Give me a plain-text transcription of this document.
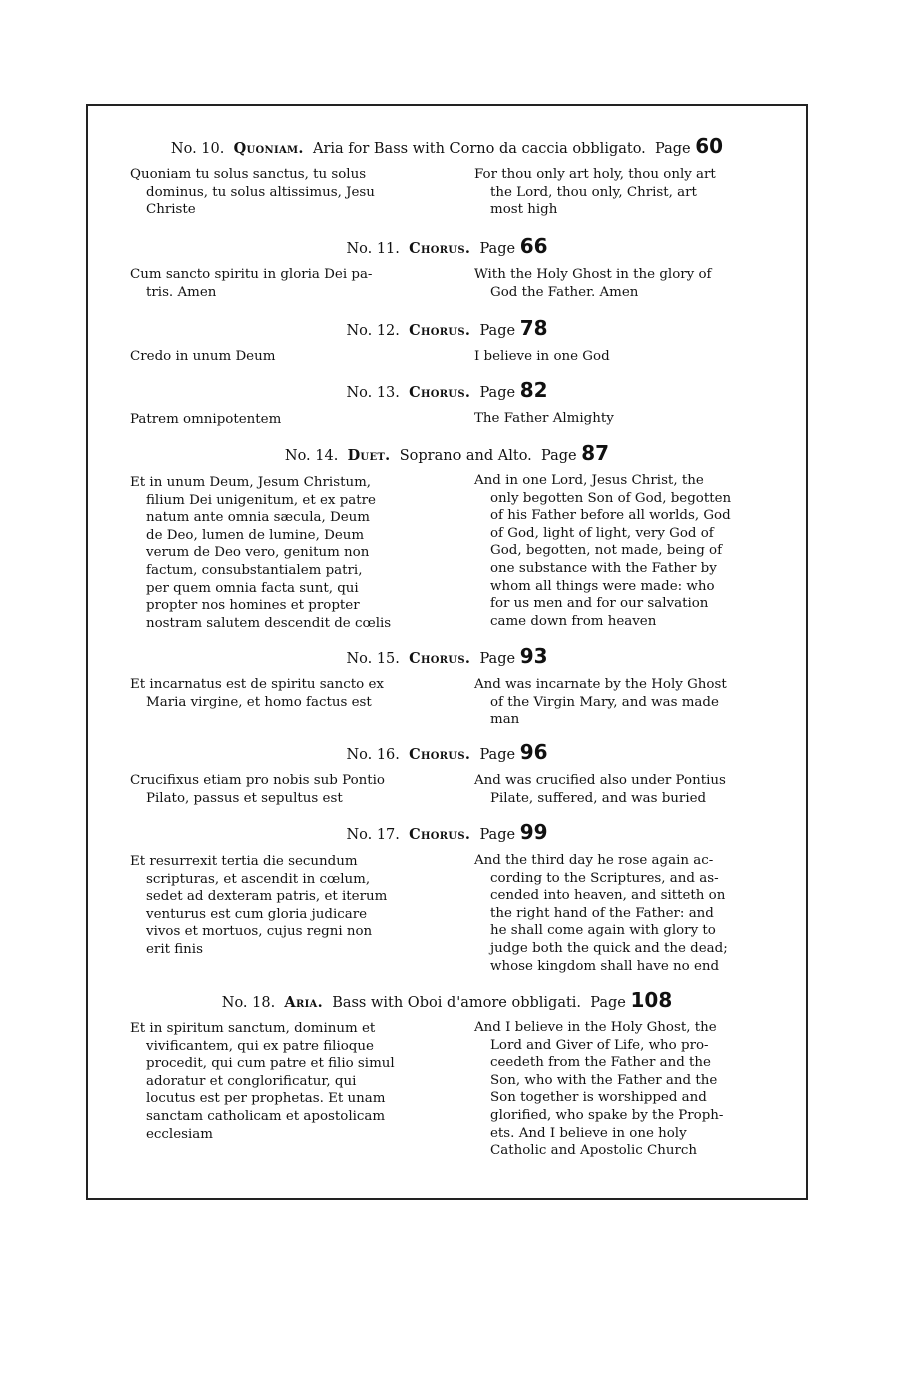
No. 10. Quoniam. Aria for Bass with Corno da caccia obbligato. Page 60
Quoniam tu solus sanctus, tu solus
dominus, tu solus altissimus, Jesu
Christe
For thou only art holy, thou only art
the Lord, thou only, Christ, art
most high
No. 11. Chorus. Page 66
Cum sancto spiritu in gloria Dei pa-
tris. Amen
With the Holy Ghost in the glory of
God the Father. Amen
No. 12. Chorus. Page 78
Credo in unum Deum	I believe in one God
No. 13. Chorus. Page 82
Patrem omnipotentem	The Father Almighty
No. 14. Duet. Soprano and Alto. Page 87
Et in unum Deum, Jesum Christum,
filium Dei unigenitum, et ex patre
natum ante omnia sæcula, Deum
de Deo, lumen de lumine, Deum
verum de Deo vero, genitum non
factum, consubstantialem patri,
per quem omnia facta sunt, qui
propter nos homines et propter
nostram salutem descendit de cœlis
And in one Lord, Jesus Christ, the
only begotten Son of God, begotten
of his Father before all worlds, God
of God, light of light, very God of
God, begotten, not made, being of
one substance with the Father by
whom all things were made: who
for us men and for our salvation
came down from heaven
No. 15. Chorus. Page 93
Et incarnatus est de spiritu sancto ex
Maria virgine, et homo factus est
And was incarnate by the Holy Ghost
of the Virgin Mary, and was made
man
No. 16. Chorus. Page 96
Crucifixus etiam pro nobis sub Pontio
Pilato, passus et sepultus est
And was crucified also under Pontius
Pilate, suffered, and was buried
No. 17. Chorus. Page 99
Et resurrexit tertia die secundum
scripturas, et ascendit in cœlum,
sedet ad dexteram patris, et iterum
venturus est cum gloria judicare
vivos et mortuos, cujus regni non
erit finis
And the third day he rose again ac-
cording to the Scriptures, and as-
cended into heaven, and sitteth on
the right hand of the Father: and
he shall come again with glory to
judge both the quick and the dead;
whose kingdom shall have no end
No. 18. Aria. Bass with Oboi d'amore obbligati. Page 108
Et in spiritum sanctum, dominum et
vivificantem, qui ex patre filioque
procedit, qui cum patre et filio simul
adoratur et conglorificatur, qui
locutus est per prophetas. Et unam
sanctam catholicam et apostolicam
ecclesiam
And I believe in the Holy Ghost, the
Lord and Giver of Life, who pro-
ceedeth from the Father and the
Son, who with the Father and the
Son together is worshipped and
glorified, who spake by the Proph-
ets. And I believe in one holy
Catholic and Apostolic Church
